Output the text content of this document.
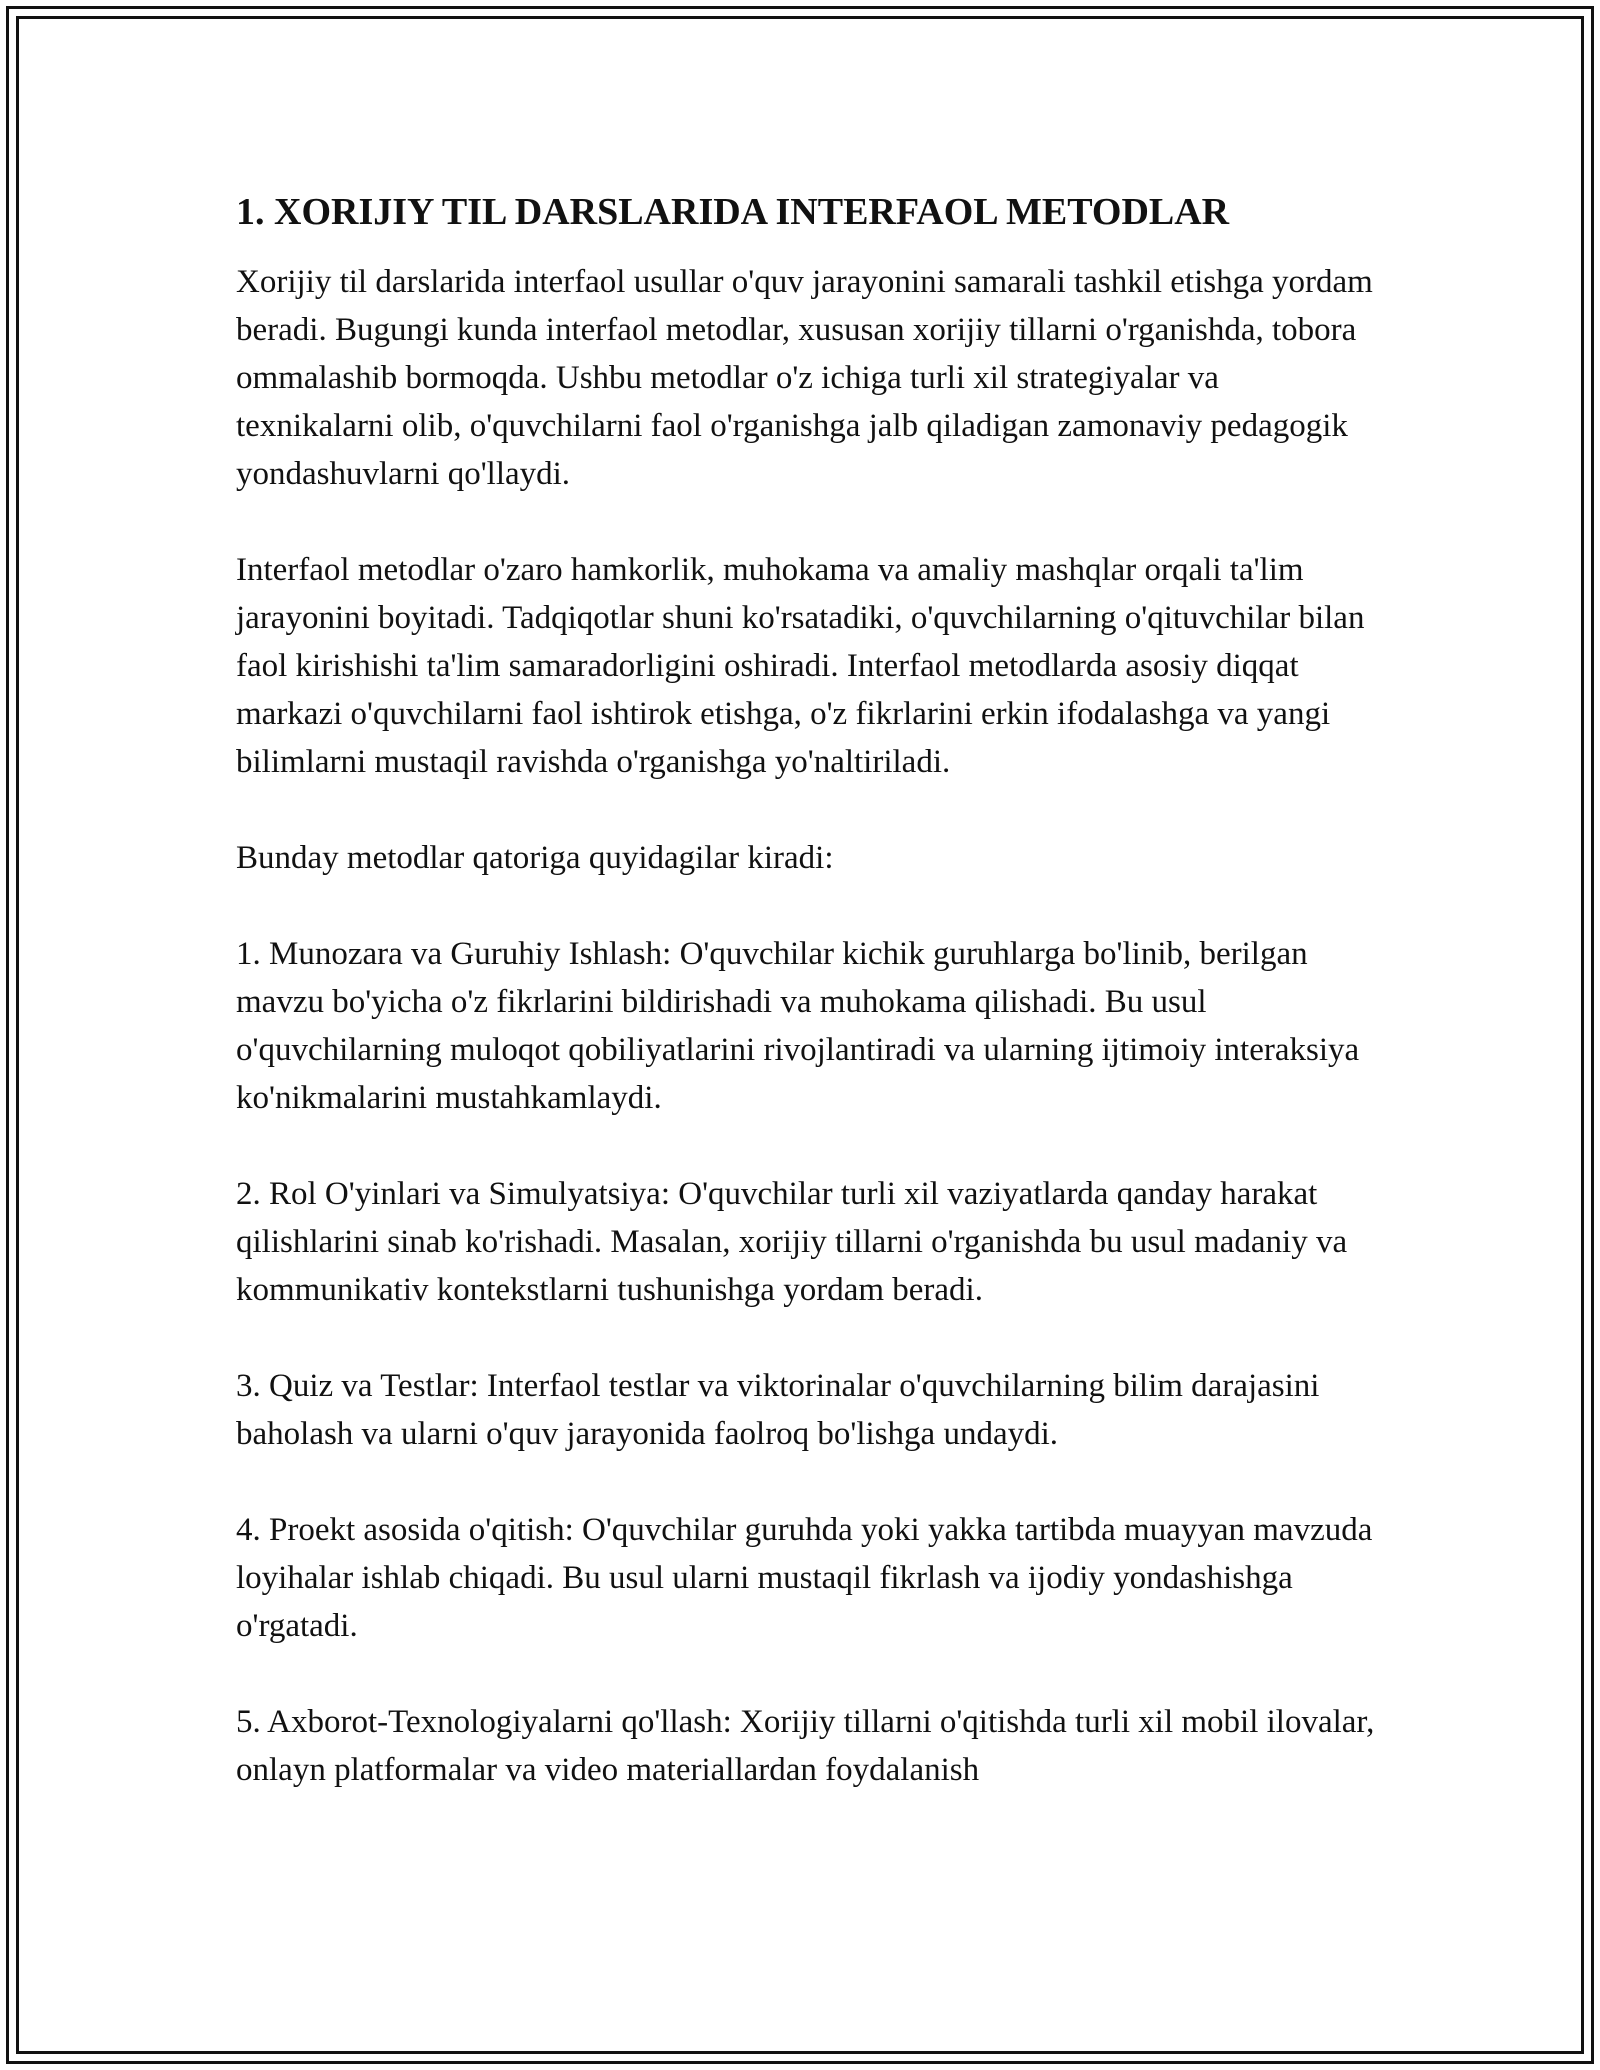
1. XORIJIY TIL DARSLARIDA INTERFAOL METODLAR

Xorijiy til darslarida interfaol usullar o'quv jarayonini samarali tashkil etishga yordam beradi. Bugungi kunda interfaol metodlar, xususan xorijiy tillarni o'rganishda, tobora ommalashib bormoqda. Ushbu metodlar o'z ichiga turli xil strategiyalar va texnikalarni olib, o'quvchilarni faol o'rganishga jalb qiladigan zamonaviy pedagogik yondashuvlarni qo'llaydi.

Interfaol metodlar o'zaro hamkorlik, muhokama va amaliy mashqlar orqali ta'lim jarayonini boyitadi. Tadqiqotlar shuni ko'rsatadiki, o'quvchilarning o'qituvchilar bilan faol kirishishi ta'lim samaradorligini oshiradi. Interfaol metodlarda asosiy diqqat markazi o'quvchilarni faol ishtirok etishga, o'z fikrlarini erkin ifodalashga va yangi bilimlarni mustaqil ravishda o'rganishga yo'naltiriladi.

Bunday metodlar qatoriga quyidagilar kiradi:

1. Munozara va Guruhiy Ishlash: O'quvchilar kichik guruhlarga bo'linib, berilgan mavzu bo'yicha o'z fikrlarini bildirishadi va muhokama qilishadi. Bu usul o'quvchilarning muloqot qobiliyatlarini rivojlantiradi va ularning ijtimoiy interaksiya ko'nikmalarini mustahkamlaydi.

2. Rol O'yinlari va Simulyatsiya: O'quvchilar turli xil vaziyatlarda qanday harakat qilishlarini sinab ko'rishadi. Masalan, xorijiy tillarni o'rganishda bu usul madaniy va kommunikativ kontekstlarni tushunishga yordam beradi.

3. Quiz va Testlar: Interfaol testlar va viktorinalar o'quvchilarning bilim darajasini baholash va ularni o'quv jarayonida faolroq bo'lishga undaydi.

4. Proekt asosida o'qitish: O'quvchilar guruhda yoki yakka tartibda muayyan mavzuda loyihalar ishlab chiqadi. Bu usul ularni mustaqil fikrlash va ijodiy yondashishga o'rgatadi.

5. Axborot-Texnologiyalarni qo'llash: Xorijiy tillarni o'qitishda turli xil mobil ilovalar, onlayn platformalar va video materiallardan foydalanish
